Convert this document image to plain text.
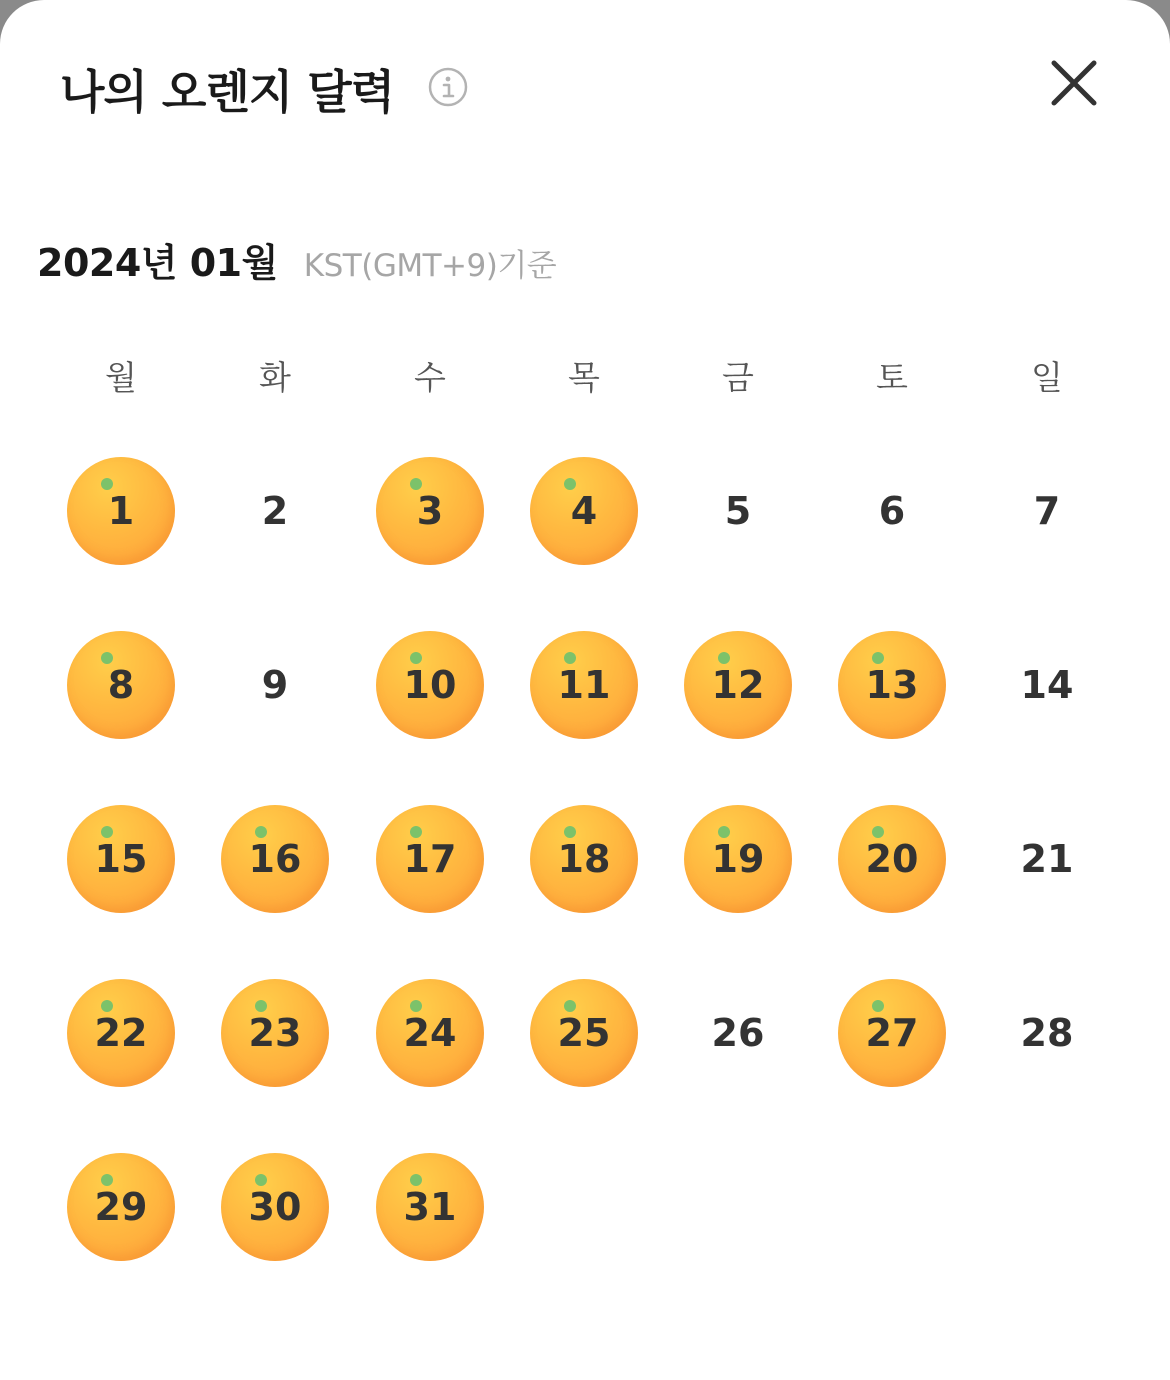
나의 오렌지 달력
2024년 01월 KST(GMT+9)기준
월	화	수	목	금	토	일
1	2	3	4	5	6	7
8	9	10	11	12	13	14
15	16	17	18	19	20	21
22	23	24	25	26	27	28
29	30	31
